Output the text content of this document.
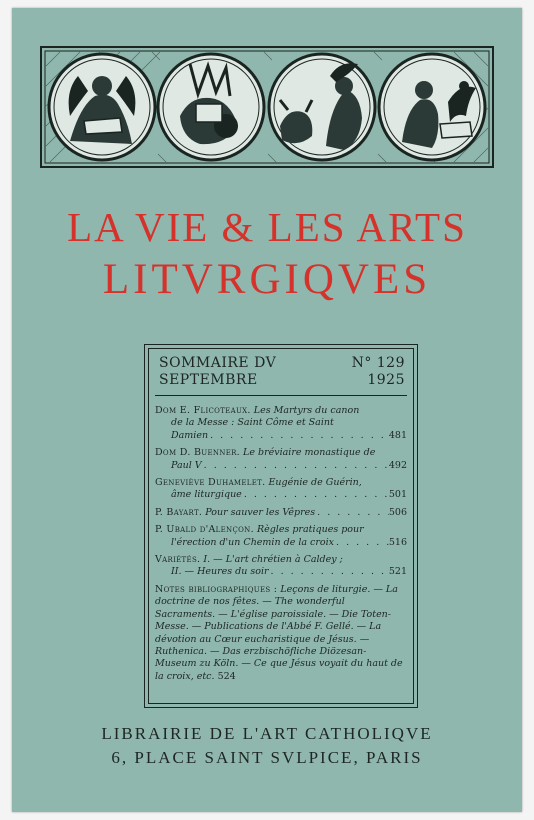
LA VIE & LES ARTS
LITVRGIQVES
SOMMAIRE DV	N° 129
SEPTEMBRE	1925
Dom E. Flicoteaux. Les Martyrs du canon
de la Messe : Saint Côme et Saint
Damien . . .	481
Dom D. Buenner. Le bréviaire monastique de
Paul V . . .	492
Geneviève Duhamelet. Eugénie de Guérin,
âme liturgique . . .	501
P. Bayart.
Pour sauver les Vêpres . . .	506
P. Ubald d'Alençon. Règles pratiques pour
l'érection d'un Chemin de la croix . . .	516
Variétés. I. — L'art chrétien à Caldey ;
II. — Heures du soir . . .	521
Notes bibliographiques : Leçons de liturgie. — La doctrine de nos fêtes. — The wonderful Sacraments. — L'église paroissiale. — Die Toten-Messe. — Publications de l'Abbé F. Gellé. — La dévotion au Cœur eucharistique de Jésus. — Ruthenica. — Das erzbischöfliche Diözesan-Museum zu Köln. — Ce que Jésus voyait du haut de la croix, etc. 524
LIBRAIRIE DE L'ART CATHOLIQVE
6, PLACE SAINT SVLPICE, PARIS
